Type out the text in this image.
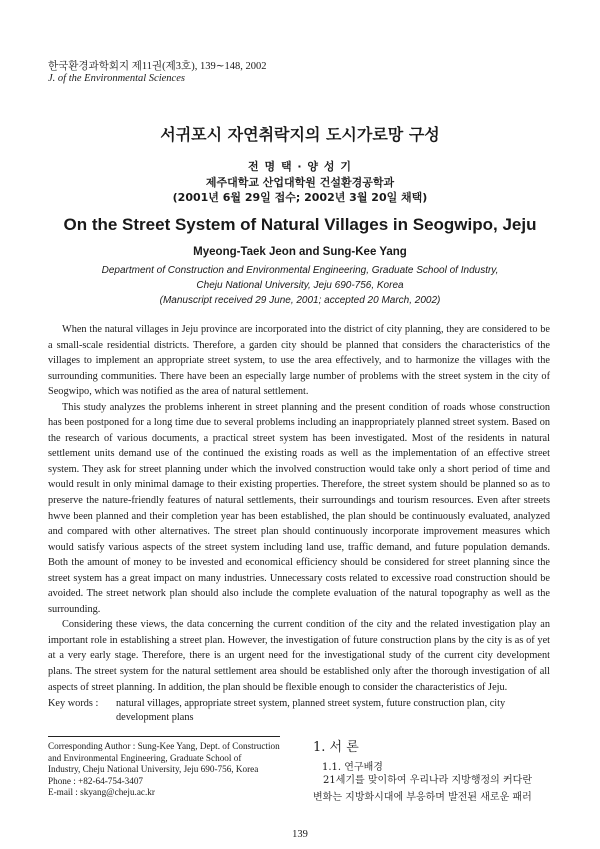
한국환경과학회지 제11권(제3호), 139∼148, 2002
J. of the Environmental Sciences
서귀포시 자연취락지의 도시가로망 구성
전 명 택 · 양 성 기
제주대학교 산업대학원 건설환경공학과
(2001년 6월 29일 접수; 2002년 3월 20일 채택)
On the Street System of Natural Villages in Seogwipo, Jeju
Myeong-Taek Jeon and Sung-Kee Yang
Department of Construction and Environmental Engineering, Graduate School of Industry,
Cheju National University, Jeju 690-756, Korea
(Manuscript received 29 June, 2001; accepted 20 March, 2002)

When the natural villages in Jeju province are incorporated into the district of city planning, they are considered to be a small-scale residential districts. Therefore, a garden city should be planned that considers the characteristics of the villages to implement an appropriate street system, to use the area effectively, and to harmonize the villages with the surrounding communities. There have been an especially large number of problems with the street system in the city of Seogwipo, which was notified as the area of natural settlement.

This study analyzes the problems inherent in street planning and the present condition of roads whose construction has been postponed for a long time due to several problems including an inappropriately planned street system. Based on the research of various documents, a practical street system has been investigated. Most of the residents in natural settlement units demand use of the continued the existing roads as well as the implementation of an effective street system. They ask for street planning under which the involved construction would take only a short period of time and would result in only minimal damage to their existing properties. Therefore, the street system should be planned so as to preserve the nature-friendly features of natural settlements, their surroundings and tourism resources. Even after streets hwve been planned and their completion year has been established, the plan should be continuously evaluated, analyzed and compared with other alternatives. The street plan should continuously incorporate improvement measures which would satisfy various aspects of the street system including land use, traffic demand, and future population demands. Both the amount of money to be invested and economical efficiency should be considered for street planning since the street system has a great impact on many industries. Unnecessary costs related to excessive road construction should be avoided. The street network plan should also include the complete evaluation of the natural topography as well as the surrounding.

Considering these views, the data concerning the current condition of the city and the related investigation play an important role in establishing a street plan. However, the investigation of future construction plans by the city is as of yet at a very early stage. Therefore, there is an urgent need for the investigational study of the current city development plans. The street system for the natural settlement area should be established only after the thorough investigation of all aspects of street planning. In addition, the plan should be flexible enough to consider the characteristics of Jeju.

Key words : natural villages, appropriate street system, planned street system, future construction plan, city development plans
Corresponding Author : Sung-Kee Yang, Dept. of Construction
and Environmental Engineering, Graduate School of
Industry, Cheju National University, Jeju 690-756, Korea
Phone : +82-64-754-3407
E-mail : skyang@cheju.ac.kr
1. 서 론
1.1. 연구배경
21세기를 맞이하여 우리나라 지방행정의 커다란
변화는 지방화시대에 부응하며 발전된 새로운 패러
139
